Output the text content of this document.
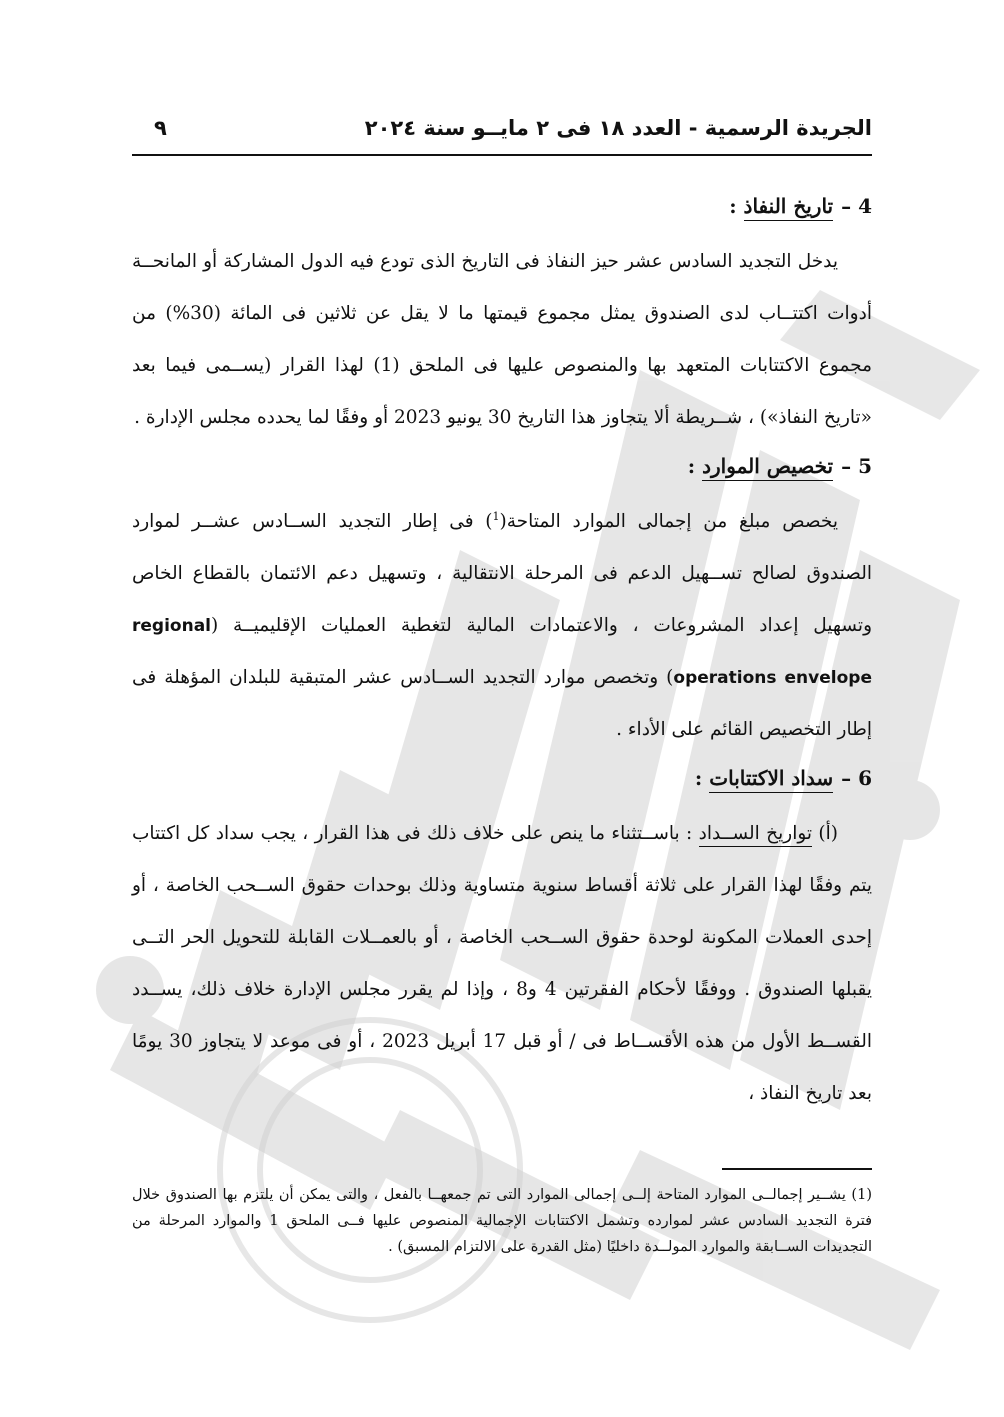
الجريدة الرسمية - العدد ١٨ فى ٢ مايــو سنة ٢٠٢٤
٩
4 –تاريخ النفاذ :

يدخل التجديد السادس عشر حيز النفاذ فى التاريخ الذى تودع فيه الدول المشاركة أو المانحــة أدوات اكتتــاب لدى الصندوق يمثل مجموع قيمتها ما لا يقل عن ثلاثين فى المائة (30%) من مجموع الاكتتابات المتعهد بها والمنصوص عليها فى الملحق (1) لهذا القرار (يســمى فيما بعد «تاريخ النفاذ») ، شــريطة ألا يتجاوز هذا التاريخ 30 يونيو 2023 أو وفقًا لما يحدده مجلس الإدارة .

5 –تخصيص الموارد :

يخصص مبلغ من إجمالى الموارد المتاحة($^1$) فى إطار التجديد الســادس عشــر لموارد الصندوق لصالح تســهيل الدعم فى المرحلة الانتقالية ، وتسهيل دعم الائتمان بالقطاع الخاص وتسهيل إعداد المشروعات ، والاعتمادات المالية لتغطية العمليات الإقليميــة (regional operations envelope) وتخصص موارد التجديد الســادس عشر المتبقية للبلدان المؤهلة فى إطار التخصيص القائم على الأداء .

6 –سداد الاكتتابات :

(أ) تواريخ الســداد : باســتثناء ما ينص على خلاف ذلك فى هذا القرار ، يجب سداد كل اكتتاب يتم وفقًا لهذا القرار على ثلاثة أقساط سنوية متساوية وذلك بوحدات حقوق الســحب الخاصة ، أو إحدى العملات المكونة لوحدة حقوق الســحب الخاصة ، أو بالعمــلات القابلة للتحويل الحر التــى يقبلها الصندوق . ووفقًا لأحكام الفقرتين 4 و8 ، وإذا لم يقرر مجلس الإدارة خلاف ذلك، يســدد القســط الأول من هذه الأقســاط فى / أو قبل 17 أبريل 2023 ، أو فى موعد لا يتجاوز 30 يومًا بعد تاريخ النفاذ ،

(1) يشــير إجمالــى الموارد المتاحة إلــى إجمالى الموارد التى تم جمعهــا بالفعل ، والتى يمكن أن يلتزم بها الصندوق خلال فترة التجديد السادس عشر لموارده وتشمل الاكتتابات الإجمالية المنصوص عليها فــى الملحق 1 والموارد المرحلة من التجديدات الســابقة والموارد المولــدة داخليًا (مثل القدرة على الالتزام المسبق) .
